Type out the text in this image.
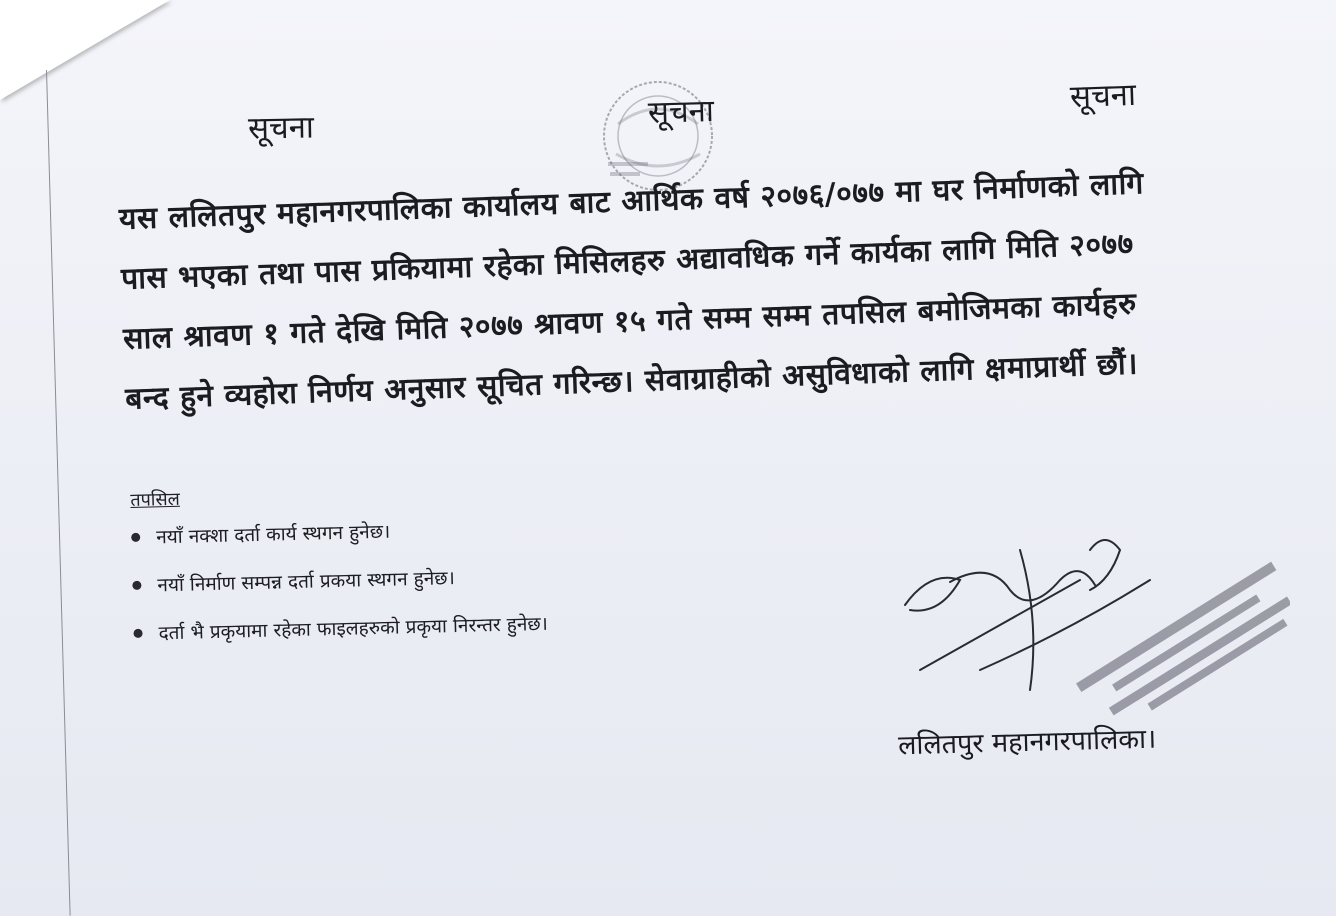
सूचना	सूचना	सूचना
यस ललितपुर महानगरपालिका कार्यालय बाट आर्थिक वर्ष २०७६/०७७ मा घर निर्माणको लागि
पास भएका तथा पास प्रकियामा रहेका मिसिलहरु अद्यावधिक गर्ने कार्यका लागि मिति २०७७
साल श्रावण १ गते देखि मिति २०७७ श्रावण १५ गते सम्म सम्म तपसिल बमोजिमका कार्यहरु
बन्द हुने व्यहोरा निर्णय अनुसार सूचित गरिन्छ। सेवाग्राहीको असुविधाको लागि क्षमाप्रार्थी छौं।
तपसिल
नयाँ नक्शा दर्ता कार्य स्थगन हुनेछ।
नयाँ निर्माण सम्पन्न दर्ता प्रकया स्थगन हुनेछ।
दर्ता भै प्रकृयामा रहेका फाइलहरुको प्रकृया निरन्तर हुनेछ।
ललितपुर महानगरपालिका।
